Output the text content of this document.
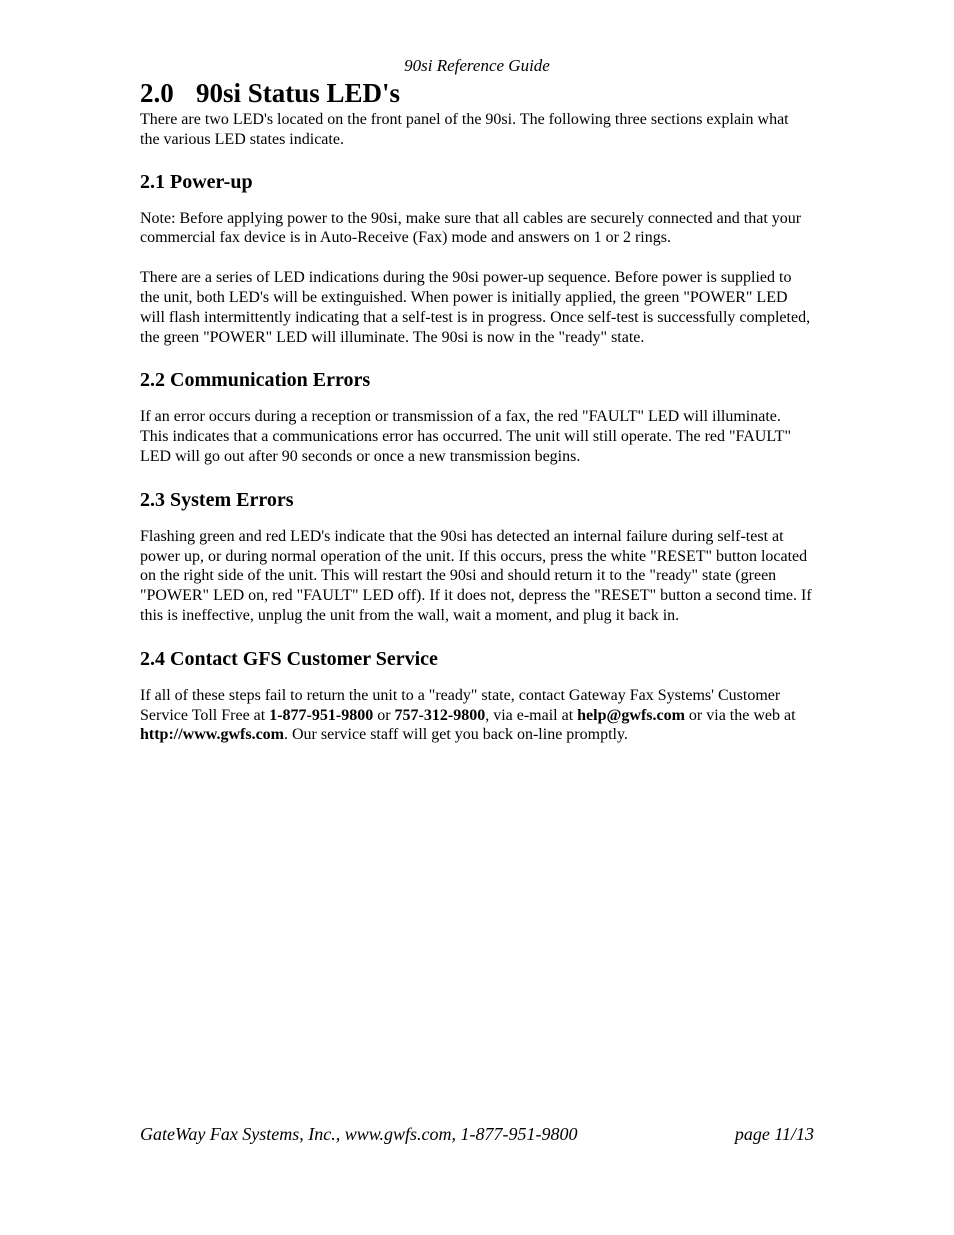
90si Reference Guide
2.0 90si Status LED's

There are two LED's located on the front panel of the 90si. The following three sections explain what the various LED states indicate.

2.1 Power-up

Note: Before applying power to the 90si, make sure that all cables are securely connected and that your commercial fax device is in Auto-Receive (Fax) mode and answers on 1 or 2 rings.

There are a series of LED indications during the 90si power-up sequence. Before power is supplied to the unit, both LED's will be extinguished. When power is initially applied, the green "POWER" LED will flash intermittently indicating that a self-test is in progress. Once self-test is successfully completed, the green "POWER" LED will illuminate. The 90si is now in the "ready" state.

2.2 Communication Errors

If an error occurs during a reception or transmission of a fax, the red "FAULT" LED will illuminate. This indicates that a communications error has occurred. The unit will still operate. The red "FAULT" LED will go out after 90 seconds or once a new transmission begins.

2.3 System Errors

Flashing green and red LED's indicate that the 90si has detected an internal failure during self-test at power up, or during normal operation of the unit. If this occurs, press the white "RESET" button located on the right side of the unit. This will restart the 90si and should return it to the "ready" state (green "POWER" LED on, red "FAULT" LED off). If it does not, depress the "RESET" button a second time. If this is ineffective, unplug the unit from the wall, wait a moment, and plug it back in.

2.4 Contact GFS Customer Service

If all of these steps fail to return the unit to a "ready" state, contact Gateway Fax Systems' Customer Service Toll Free at 1-877-951-9800 or 757-312-9800, via e-mail at help@gwfs.com or via the web at http://www.gwfs.com. Our service staff will get you back on-line promptly.

GateWay Fax Systems, Inc., www.gwfs.com, 1-877-951-9800	page 11/13
